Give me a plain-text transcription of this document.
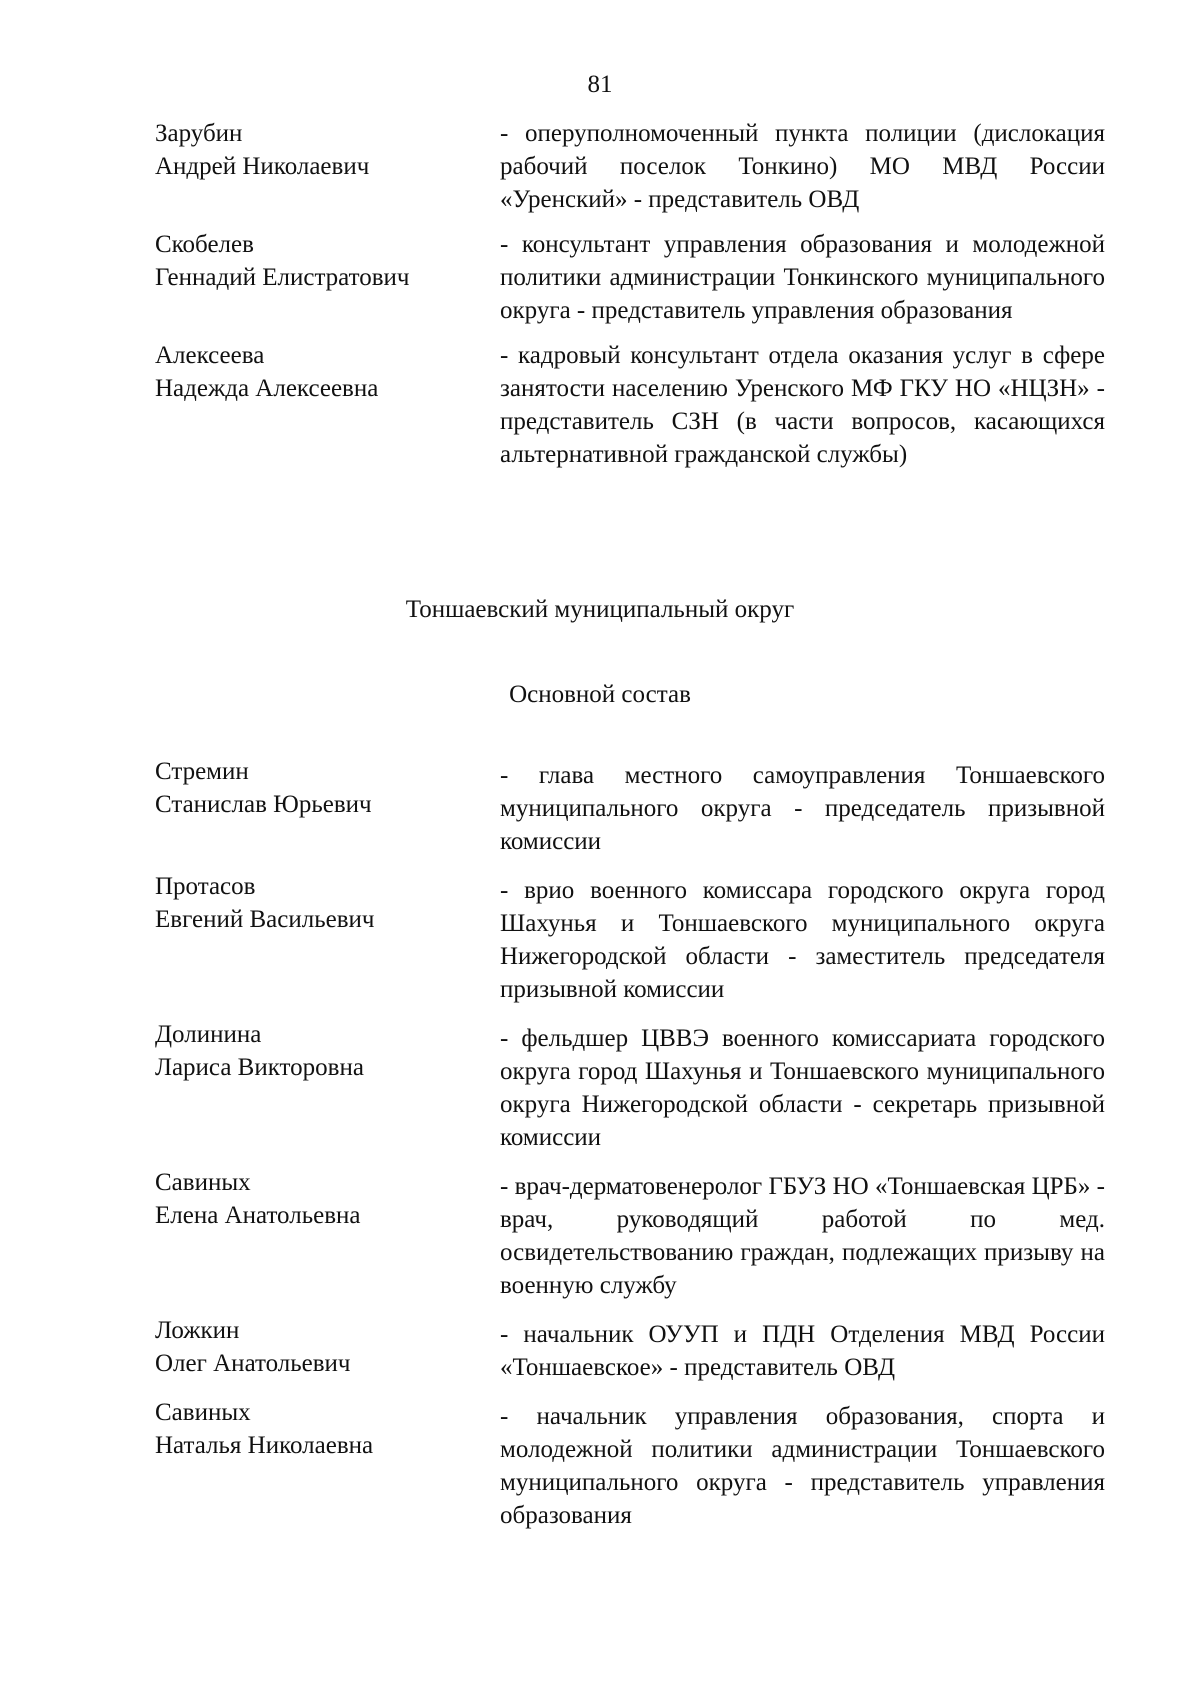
81
Зарубин
Андрей Николаевич
- оперуполномоченный пункта полиции (дислокация рабочий поселок Тонкино) МО МВД России «Уренский» - представитель ОВД
Скобелев
Геннадий Елистратович
- консультант управления образования и молодежной политики администрации Тонкинского муниципального округа - представитель управления образования
Алексеева
Надежда Алексеевна
- кадровый консультант отдела оказания услуг в сфере занятости населению Уренского МФ ГКУ НО «НЦЗН» - представитель СЗН (в части вопросов, касающихся альтернативной гражданской службы)
Тоншаевский муниципальный округ
Основной состав
Стремин
Станислав Юрьевич
- глава местного самоуправления Тоншаевского муниципального округа - председатель призывной комиссии
Протасов
Евгений Васильевич
- врио военного комиссара городского округа город Шахунья и Тоншаевского муниципального округа Нижегородской области - заместитель председателя призывной комиссии
Долинина
Лариса Викторовна
- фельдшер ЦВВЭ военного комиссариата городского округа город Шахунья и Тоншаевского муниципального округа Нижегородской области - секретарь призывной комиссии
Савиных
Елена Анатольевна
- врач-дерматовенеролог ГБУЗ НО «Тоншаевская ЦРБ» - врач, руководящий работой по мед. освидетельствованию граждан, подлежащих призыву на военную службу
Ложкин
Олег Анатольевич
- начальник ОУУП и ПДН Отделения МВД России «Тоншаевское» - представитель ОВД
Савиных
Наталья Николаевна
- начальник управления образования, спорта и молодежной политики администрации Тоншаевского муниципального округа - представитель управления образования
